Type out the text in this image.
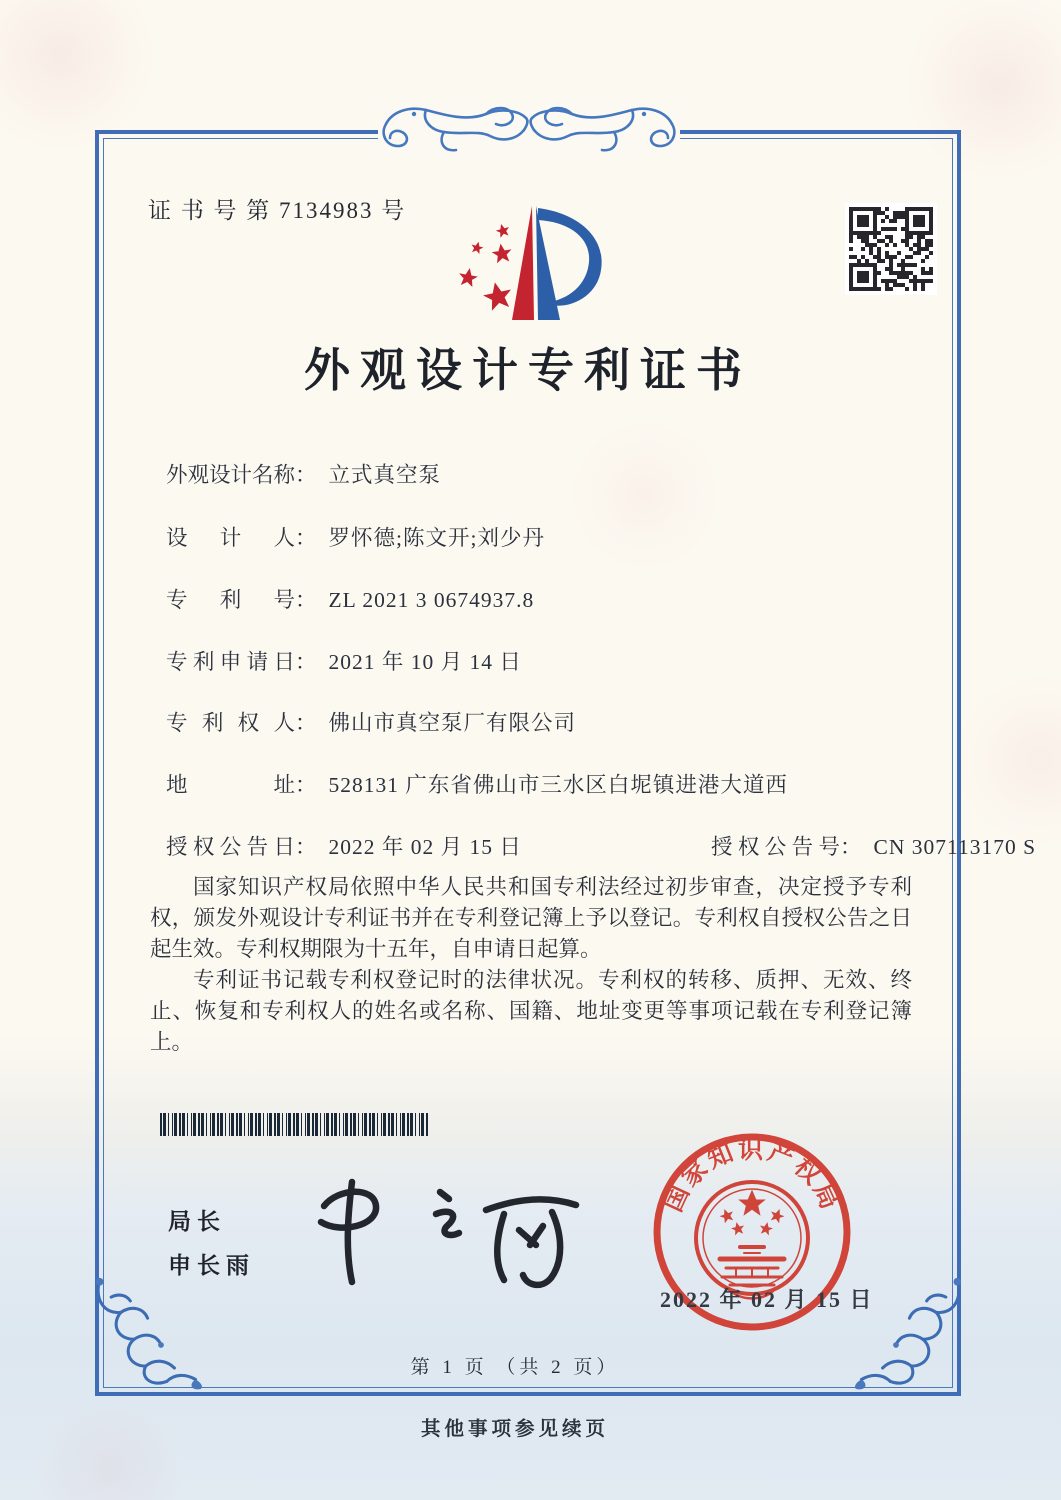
证 书 号 第 7134983 号
外观设计专利证书
外观设计名称： 立式真空泵
设计人： 罗怀德;陈文开;刘少丹
专利号： ZL 2021 3 0674937.8
专利申请日： 2021 年 10 月 14 日
专利权人： 佛山市真空泵厂有限公司
地址： 528131 广东省佛山市三水区白坭镇进港大道西
授权公告日： 2022 年 02 月 15 日	授权公告号： CN 307113170 S

国家知识产权局依照中华人民共和国专利法经过初步审查，决定授予专利权，颁发外观设计专利证书并在专利登记簿上予以登记。专利权自授权公告之日起生效。专利权期限为十五年，自申请日起算。

专利证书记载专利权登记时的法律状况。专利权的转移、质押、无效、终止、恢复和专利权人的姓名或名称、国籍、地址变更等事项记载在专利登记簿上。

局长
申长雨
国家知识产权局
2022 年 02 月 15 日
第 1 页 （共 2 页）
其他事项参见续页
